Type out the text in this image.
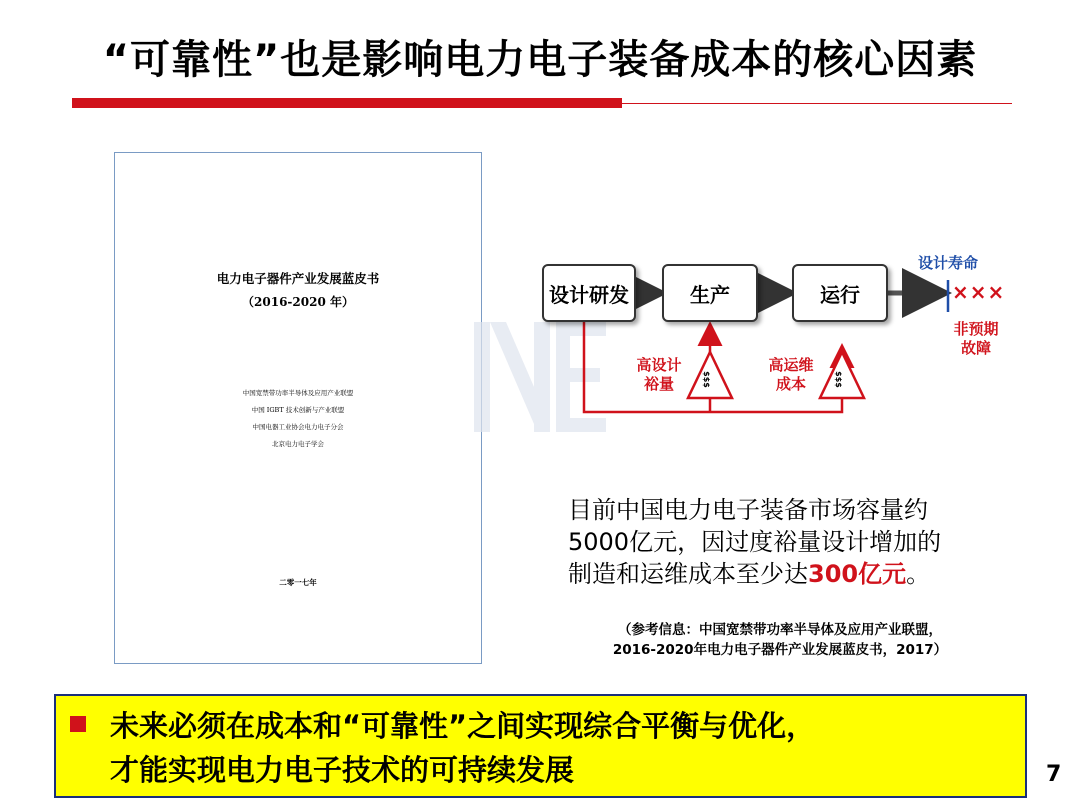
“可靠性”也是影响电力电子装备成本的核心因素
电力电子器件产业发展蓝皮书
（2016-2020 年）
中国宽禁带功率半导体及应用产业联盟
中国 IGBT 技术创新与产业联盟
中国电器工业协会电力电子分会
北京电力电子学会
二零一七年
设计研发	生产	运行
设计寿命
×××
非预期
故障
高设计
裕量
高运维
成本
$$$	$$$
目前中国电力电子装备市场容量约
5000亿元，因过度裕量设计增加的
制造和运维成本至少达300亿元。
（参考信息：中国宽禁带功率半导体及应用产业联盟，
2016-2020年电力电子器件产业发展蓝皮书，2017）
未来必须在成本和“可靠性”之间实现综合平衡与优化，
才能实现电力电子技术的可持续发展	7
